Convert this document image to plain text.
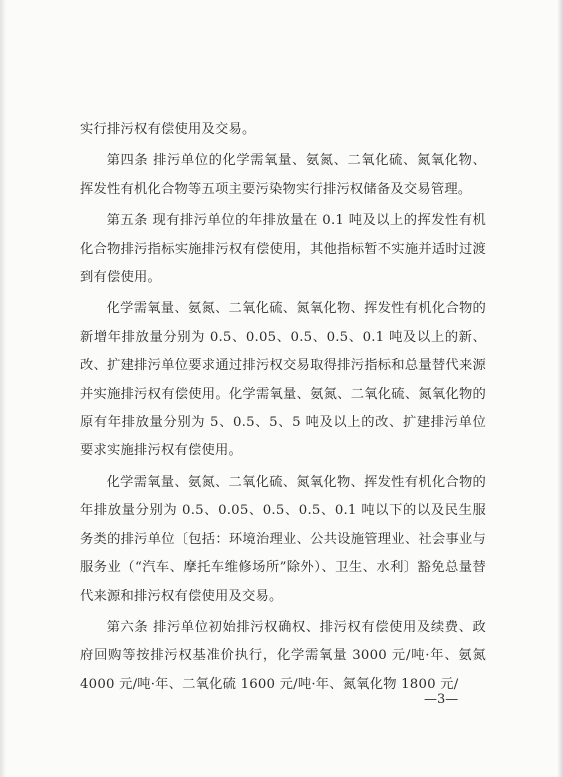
实行排污权有偿使用及交易。

第四条 排污单位的化学需氧量、氨氮、二氧化硫、氮氧化物、挥发性有机化合物等五项主要污染物实行排污权储备及交易管理。

第五条 现有排污单位的年排放量在 0.1 吨及以上的挥发性有机化合物排污指标实施排污权有偿使用，其他指标暂不实施并适时过渡到有偿使用。

化学需氧量、氨氮、二氧化硫、氮氧化物、挥发性有机化合物的新增年排放量分别为 0.5、0.05、0.5、0.5、0.1 吨及以上的新、改、扩建排污单位要求通过排污权交易取得排污指标和总量替代来源并实施排污权有偿使用。化学需氧量、氨氮、二氧化硫、氮氧化物的原有年排放量分别为 5、0.5、5、5 吨及以上的改、扩建排污单位要求实施排污权有偿使用。

化学需氧量、氨氮、二氧化硫、氮氧化物、挥发性有机化合物的年排放量分别为 0.5、0.05、0.5、0.5、0.1 吨以下的以及民生服务类的排污单位〔包括：环境治理业、公共设施管理业、社会事业与服务业（“汽车、摩托车维修场所”除外）、卫生、水利〕豁免总量替代来源和排污权有偿使用及交易。

第六条 排污单位初始排污权确权、排污权有偿使用及续费、政府回购等按排污权基准价执行，化学需氧量 3000 元/吨·年、氨氮 4000 元/吨·年、二氧化硫 1600 元/吨·年、氮氧化物 1800 元/

—3—
